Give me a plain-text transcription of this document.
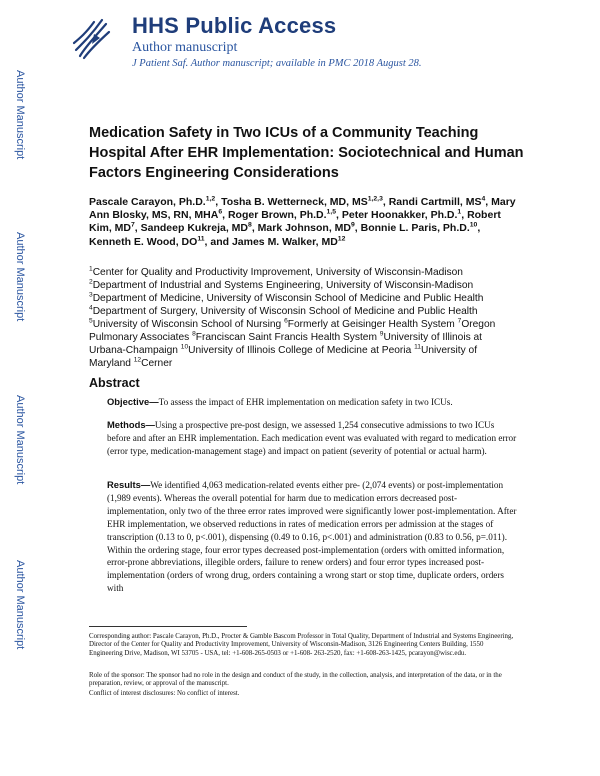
HHS Public Access
Author manuscript
J Patient Saf. Author manuscript; available in PMC 2018 August 28.
Author Manuscript
Author Manuscript
Author Manuscript
Author Manuscript
Medication Safety in Two ICUs of a Community Teaching Hospital After EHR Implementation: Sociotechnical and Human Factors Engineering Considerations
Pascale Carayon, Ph.D.$^{1,2}$, Tosha B. Wetterneck, MD, MS$^{1,2,3}$, Randi Cartmill, $MS^4$, Mary Ann Blosky, MS, RN, MHA$^6$, Roger Brown, Ph.D.$^{1,5}$, Peter Hoonakker, Ph.D.$^1$, Robert Kim, $MD^7$, Sandeep Kukreja, $MD^8$, Mark Johnson, $MD^9$, Bonnie L. Paris, Ph.D.$^{10}$, Kenneth E. Wood, DO$^{11}$, and James M. Walker, MD$^{12}$
$^1$Center for Quality and Productivity Improvement, University of Wisconsin-Madison $^2$Department of Industrial and Systems Engineering, University of Wisconsin-Madison $^3$Department of Medicine, University of Wisconsin School of Medicine and Public Health $^4$Department of Surgery, University of Wisconsin School of Medicine and Public Health $^5$University of Wisconsin School of Nursing $^6$Formerly at Geisinger Health System $^7$Oregon Pulmonary Associates $^8$Franciscan Saint Francis Health System $^9$University of Illinois at Urbana-Champaign $^{10}$University of Illinois College of Medicine at Peoria $^{11}$University of Maryland $^{12}$Cerner
Abstract
Objective—To assess the impact of EHR implementation on medication safety in two ICUs.
Methods—Using a prospective pre-post design, we assessed 1,254 consecutive admissions to two ICUs before and after an EHR implementation. Each medication event was evaluated with regard to medication error (error type, medication-management stage) and impact on patient (severity of potential or actual harm).
Results—We identified 4,063 medication-related events either pre- (2,074 events) or post-implementation (1,989 events). Whereas the overall potential for harm due to medication errors decreased post-implementation, only two of the three error rates improved were significantly lower post-implementation. After EHR implementation, we observed reductions in rates of medication errors per admission at the stages of transcription (0.13 to 0, p<.001), dispensing (0.49 to 0.16, p<.001) and administration (0.83 to 0.56, p=.011). Within the ordering stage, four error types decreased post-implementation (orders with omitted information, error-prone abbreviations, illegible orders, failure to renew orders) and four error types increased post-implementation (orders of wrong drug, orders containing a wrong start or stop time, duplicate orders, orders with
Corresponding author: Pascale Carayon, Ph.D., Procter & Gamble Bascom Professor in Total Quality, Department of Industrial and Systems Engineering, Director of the Center for Quality and Productivity Improvement, University of Wisconsin-Madison, 3126 Engineering Centers Building, 1550 Engineering Drive, Madison, WI 53705 - USA, tel: +1-608-265-0503 or +1-608- 263-2520, fax: +1-608-263-1425, pcarayon@wisc.edu.
Role of the sponsor: The sponsor had no role in the design and conduct of the study, in the collection, analysis, and interpretation of the data, or in the preparation, review, or approval of the manuscript.
Conflict of interest disclosures: No conflict of interest.
